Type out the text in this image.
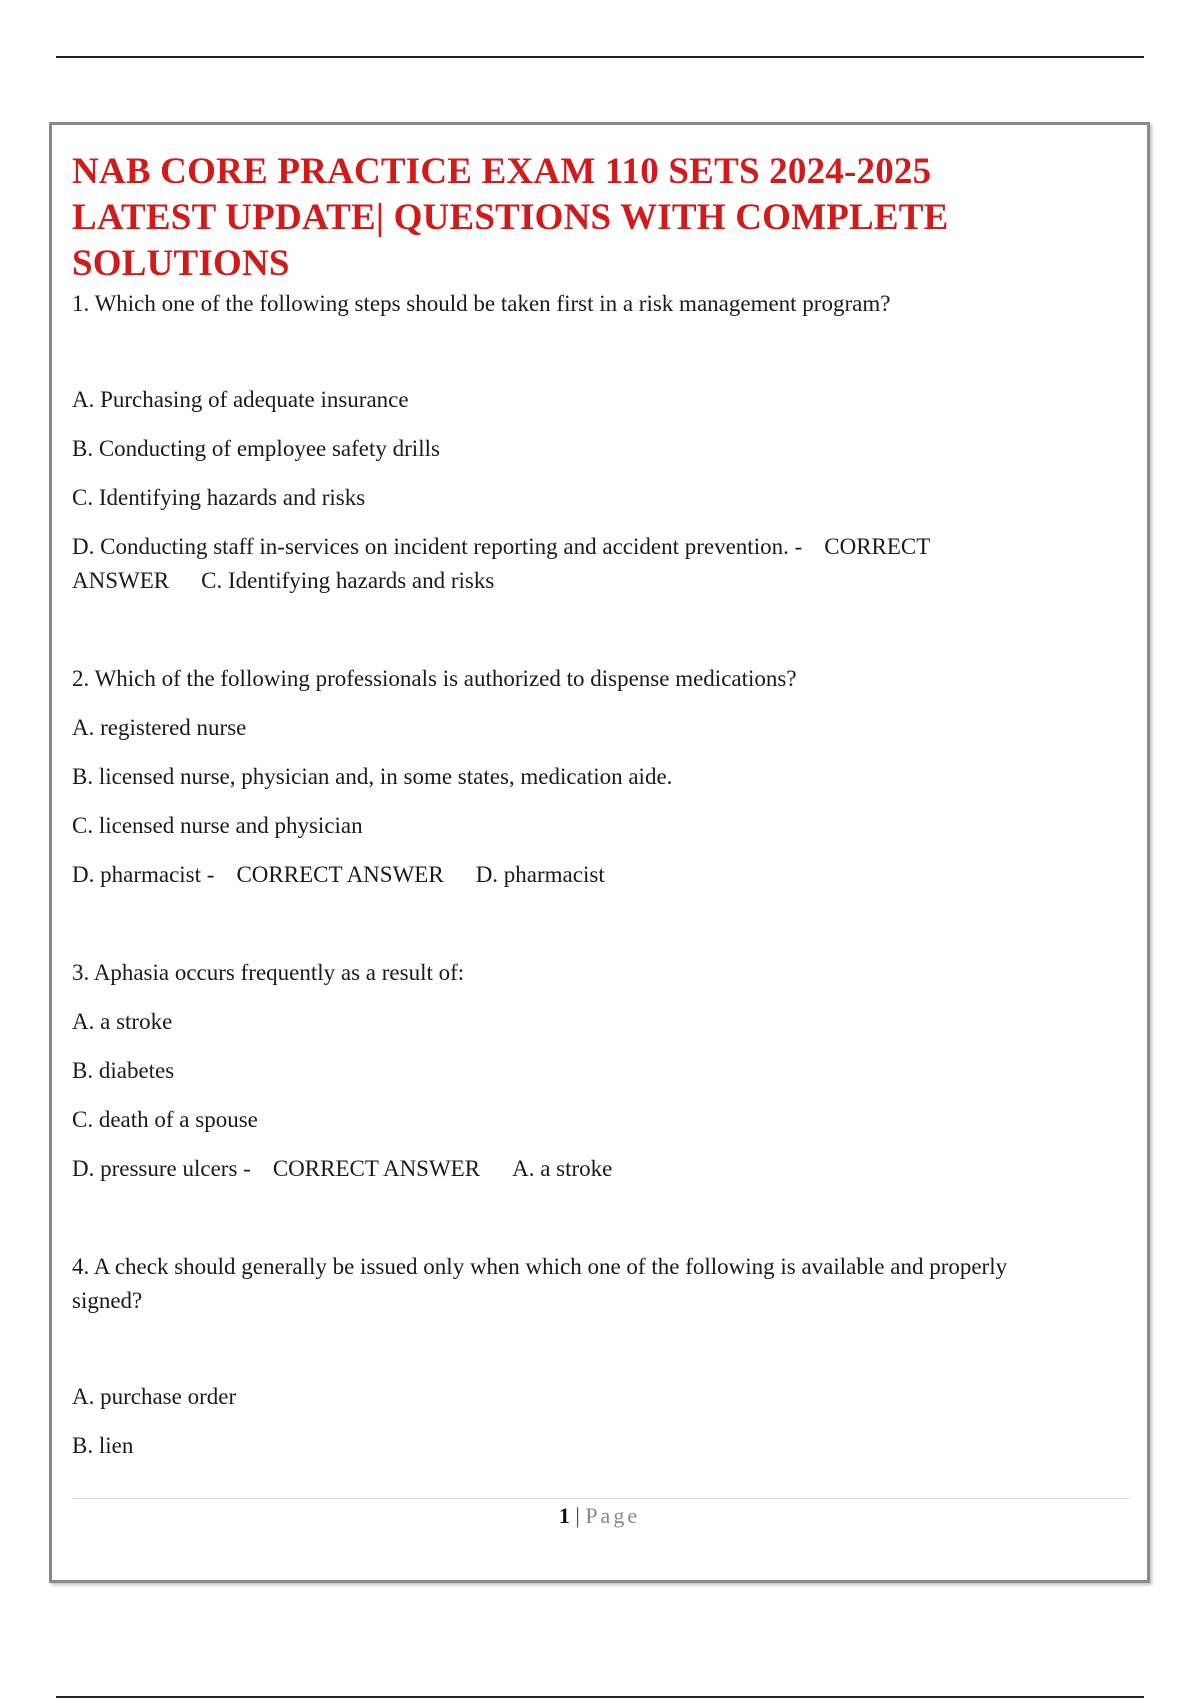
NAB CORE PRACTICE EXAM 110 SETS 2024-2025
LATEST UPDATE| QUESTIONS WITH COMPLETE
SOLUTIONS

1. Which one of the following steps should be taken first in a risk management program?

A. Purchasing of adequate insurance

B. Conducting of employee safety drills

C. Identifying hazards and risks

D. Conducting staff in-services on incident reporting and accident prevention. - CORRECT
ANSWER C. Identifying hazards and risks

2. Which of the following professionals is authorized to dispense medications?

A. registered nurse

B. licensed nurse, physician and, in some states, medication aide.

C. licensed nurse and physician

D. pharmacist - CORRECT ANSWER D. pharmacist

3. Aphasia occurs frequently as a result of:

A. a stroke

B. diabetes

C. death of a spouse

D. pressure ulcers - CORRECT ANSWER A. a stroke

4. A check should generally be issued only when which one of the following is available and properly
signed?

A. purchase order

B. lien

1 | Page
